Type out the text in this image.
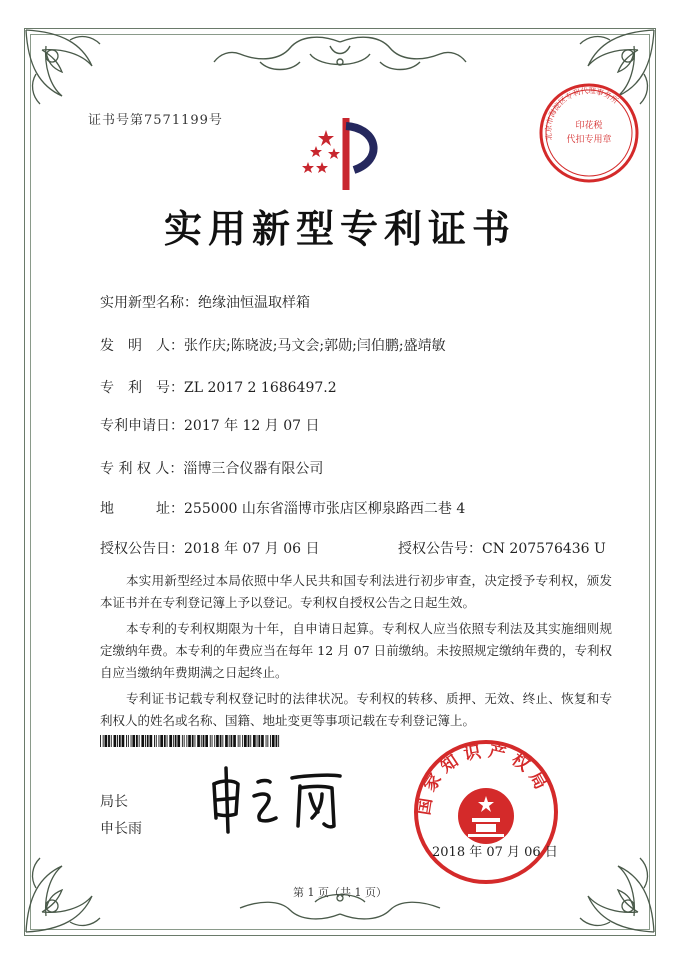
证书号第7571199号	印花税
代扣专用章
北京市海淀区专利代理事务所
实用新型专利证书
实用新型名称：绝缘油恒温取样箱
发　明　人：张作庆;陈晓波;马文会;郭勋;闫伯鹏;盛靖敏
专　利　号：ZL 2017 2 1686497.2
专利申请日：2017 年 12 月 07 日
专 利 权 人：淄博三合仪器有限公司
地　　　址：255000 山东省淄博市张店区柳泉路西二巷 4
授权公告日：2018 年 07 月 06 日	授权公告号：CN 207576436 U

本实用新型经过本局依照中华人民共和国专利法进行初步审查，决定授予专利权，颁发本证书并在专利登记簿上予以登记。专利权自授权公告之日起生效。

本专利的专利权期限为十年，自申请日起算。专利权人应当依照专利法及其实施细则规定缴纳年费。本专利的年费应当在每年 12 月 07 日前缴纳。未按照规定缴纳年费的，专利权自应当缴纳年费期满之日起终止。

专利证书记载专利权登记时的法律状况。专利权的转移、质押、无效、终止、恢复和专利权人的姓名或名称、国籍、地址变更等事项记载在专利登记簿上。

局长
申长雨
国家知识产权局
2018 年 07 月 06 日
第 1 页（共 1 页）
